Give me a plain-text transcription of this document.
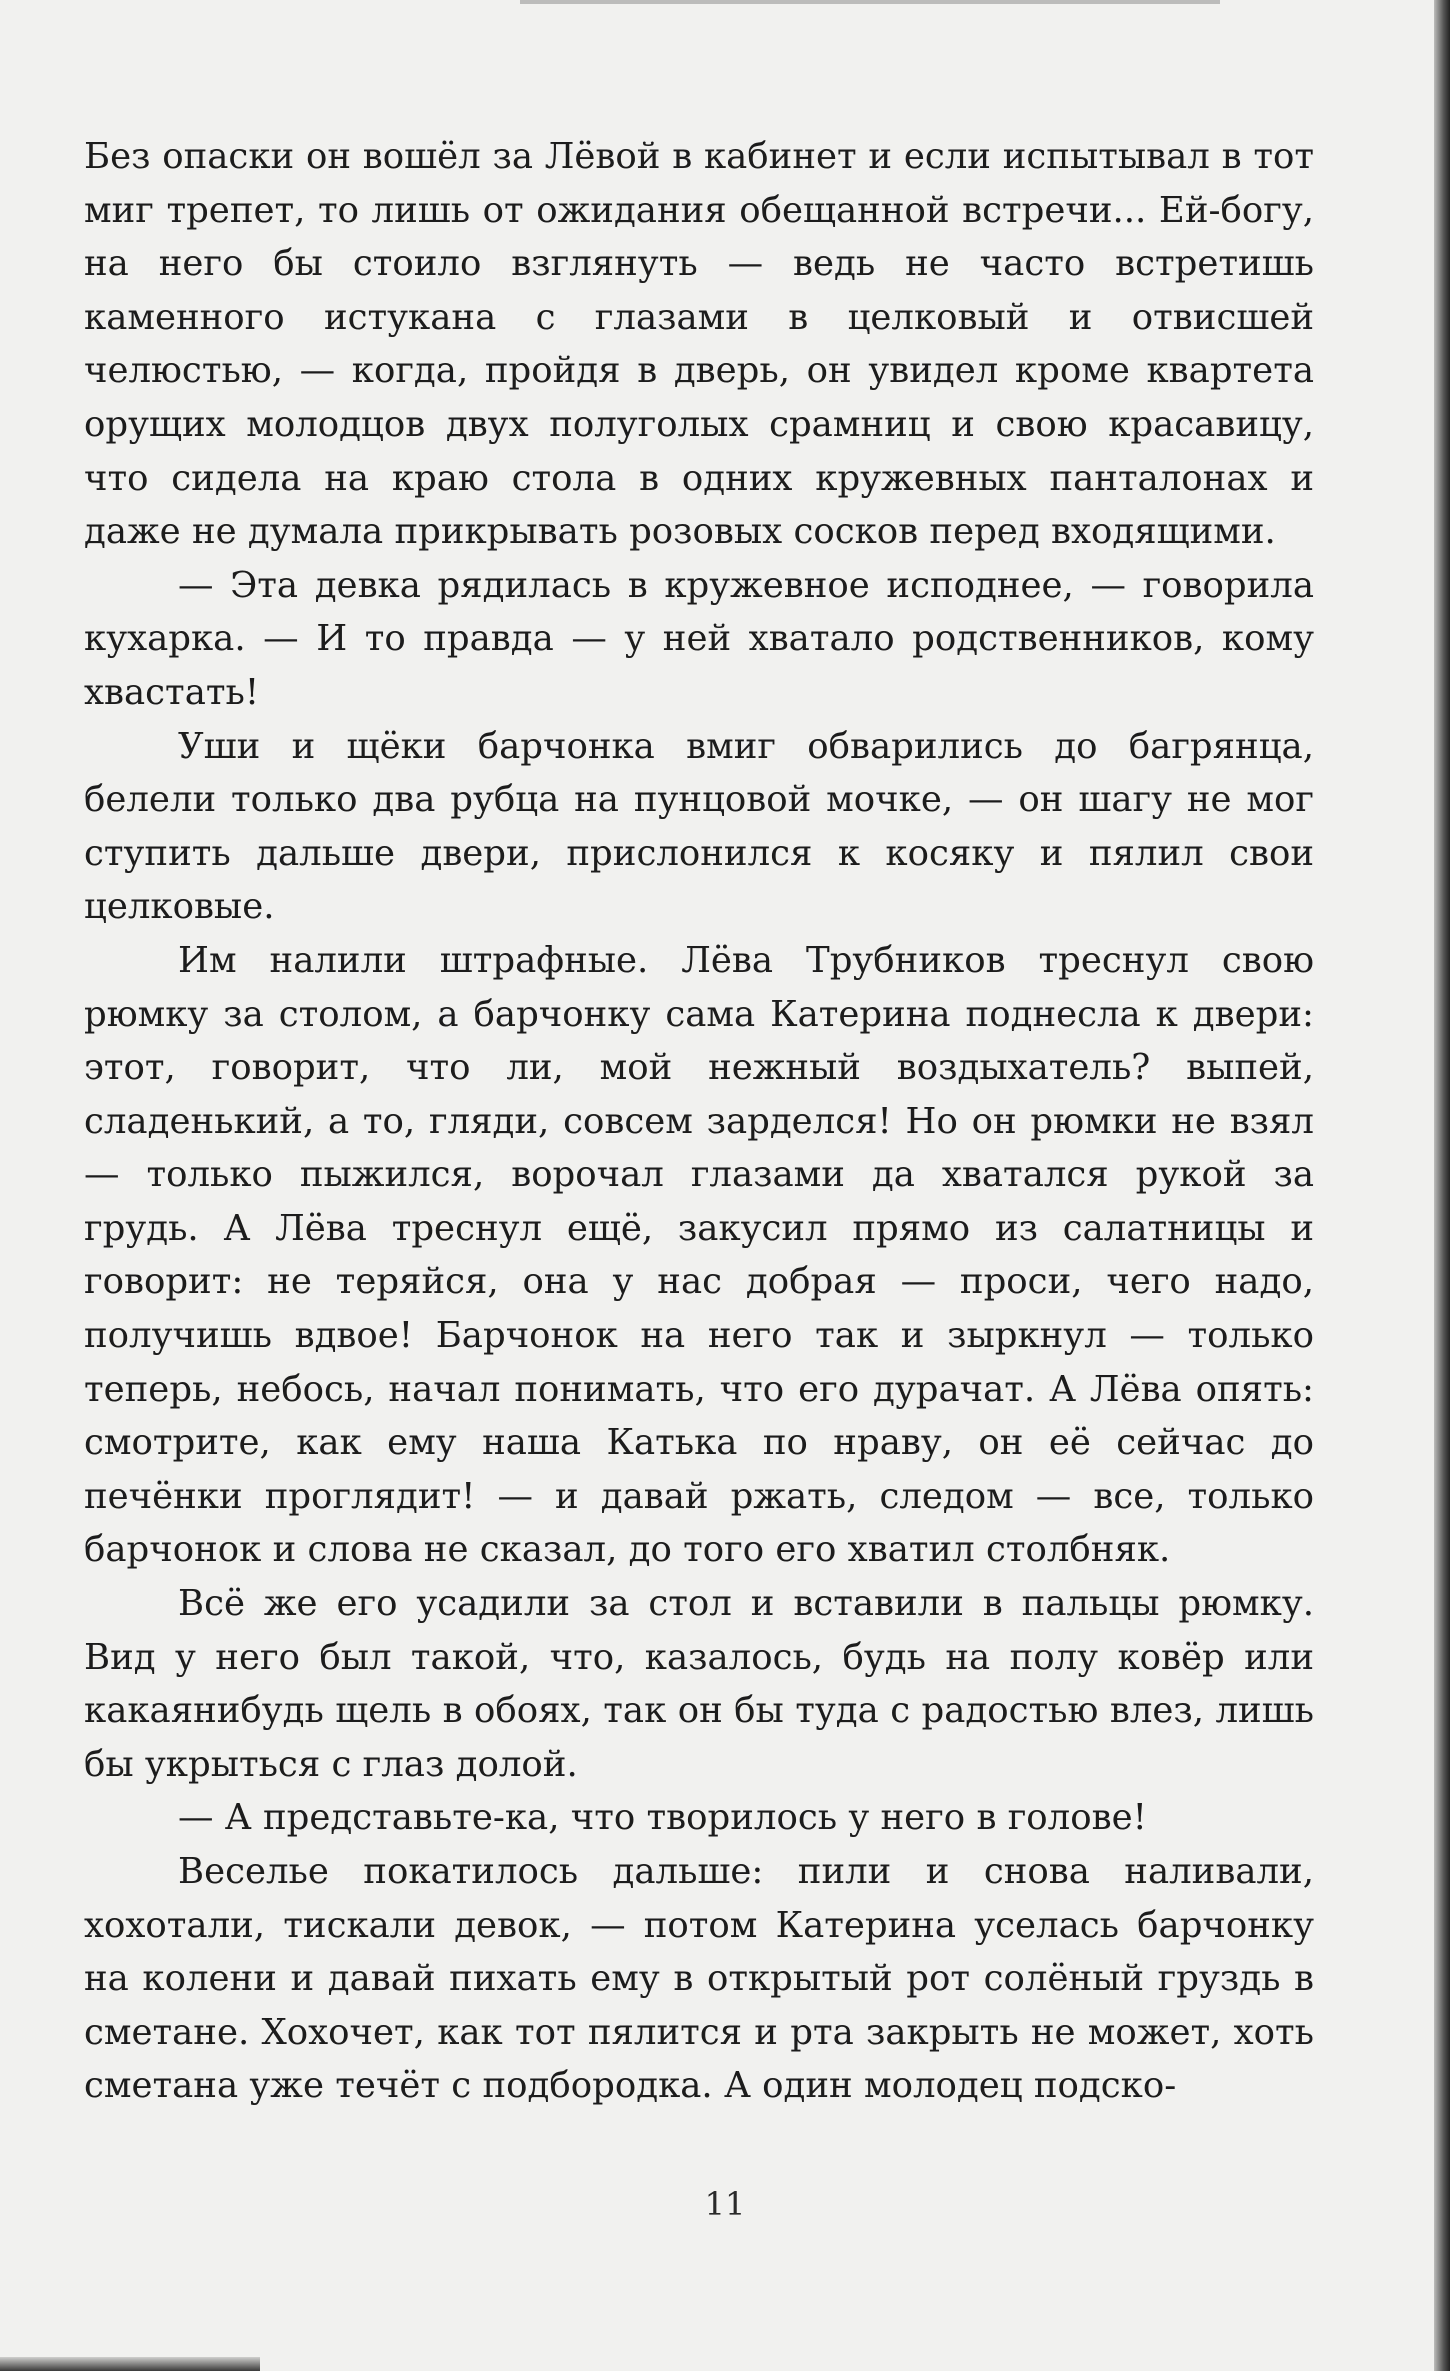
Без опаски он вошёл за Лёвой в кабинет и если испытывал в тот миг трепет, то лишь от ожидания обещанной встречи... Ей-богу, на него бы стоило взглянуть — ведь не часто встретишь каменного истукана с глазами в целковый и отвисшей челюстью, — когда, пройдя в дверь, он увидел кроме квартета орущих молодцов двух полуголых срамниц и свою красавицу, что сидела на краю стола в одних кружевных панталонах и даже не думала прикрывать розовых сосков перед входящими.

— Эта девка рядилась в кружевное исподнее, — говорила кухарка. — И то правда — у ней хватало родственников, кому хвастать!

Уши и щёки барчонка вмиг обварились до багрянца, белели только два рубца на пунцовой мочке, — он шагу не мог ступить дальше двери, прислонился к косяку и пялил свои целковые.

Им налили штрафные. Лёва Трубников треснул свою рюмку за столом, а барчонку сама Катерина поднесла к двери: этот, говорит, что ли, мой нежный воздыхатель? выпей, сладенький, а то, гляди, совсем зарделся! Но он рюмки не взял — только пыжился, ворочал глазами да хватался рукой за грудь. А Лёва треснул ещё, закусил прямо из салатницы и говорит: не теряйся, она у нас добрая — проси, чего надо, получишь вдвое! Барчонок на него так и зыркнул — только теперь, небось, начал понимать, что его дурачат. А Лёва опять: смотрите, как ему наша Катька по нраву, он её сейчас до печёнки проглядит! — и давай ржать, следом — все, только барчонок и слова не сказал, до того его хватил столбняк.

Всё же его усадили за стол и вставили в пальцы рюмку. Вид у него был такой, что, казалось, будь на полу ковёр или какаянибудь щель в обоях, так он бы туда с радостью влез, лишь бы укрыться с глаз долой.

— А представьте-ка, что творилось у него в голове!

Веселье покатилось дальше: пили и снова наливали, хохотали, тискали девок, — потом Катерина уселась барчонку на колени и давай пихать ему в открытый рот солёный груздь в сметане. Хохочет, как тот пялится и рта закрыть не может, хоть сметана уже течёт с подбородка. А один молодец подско-

11
